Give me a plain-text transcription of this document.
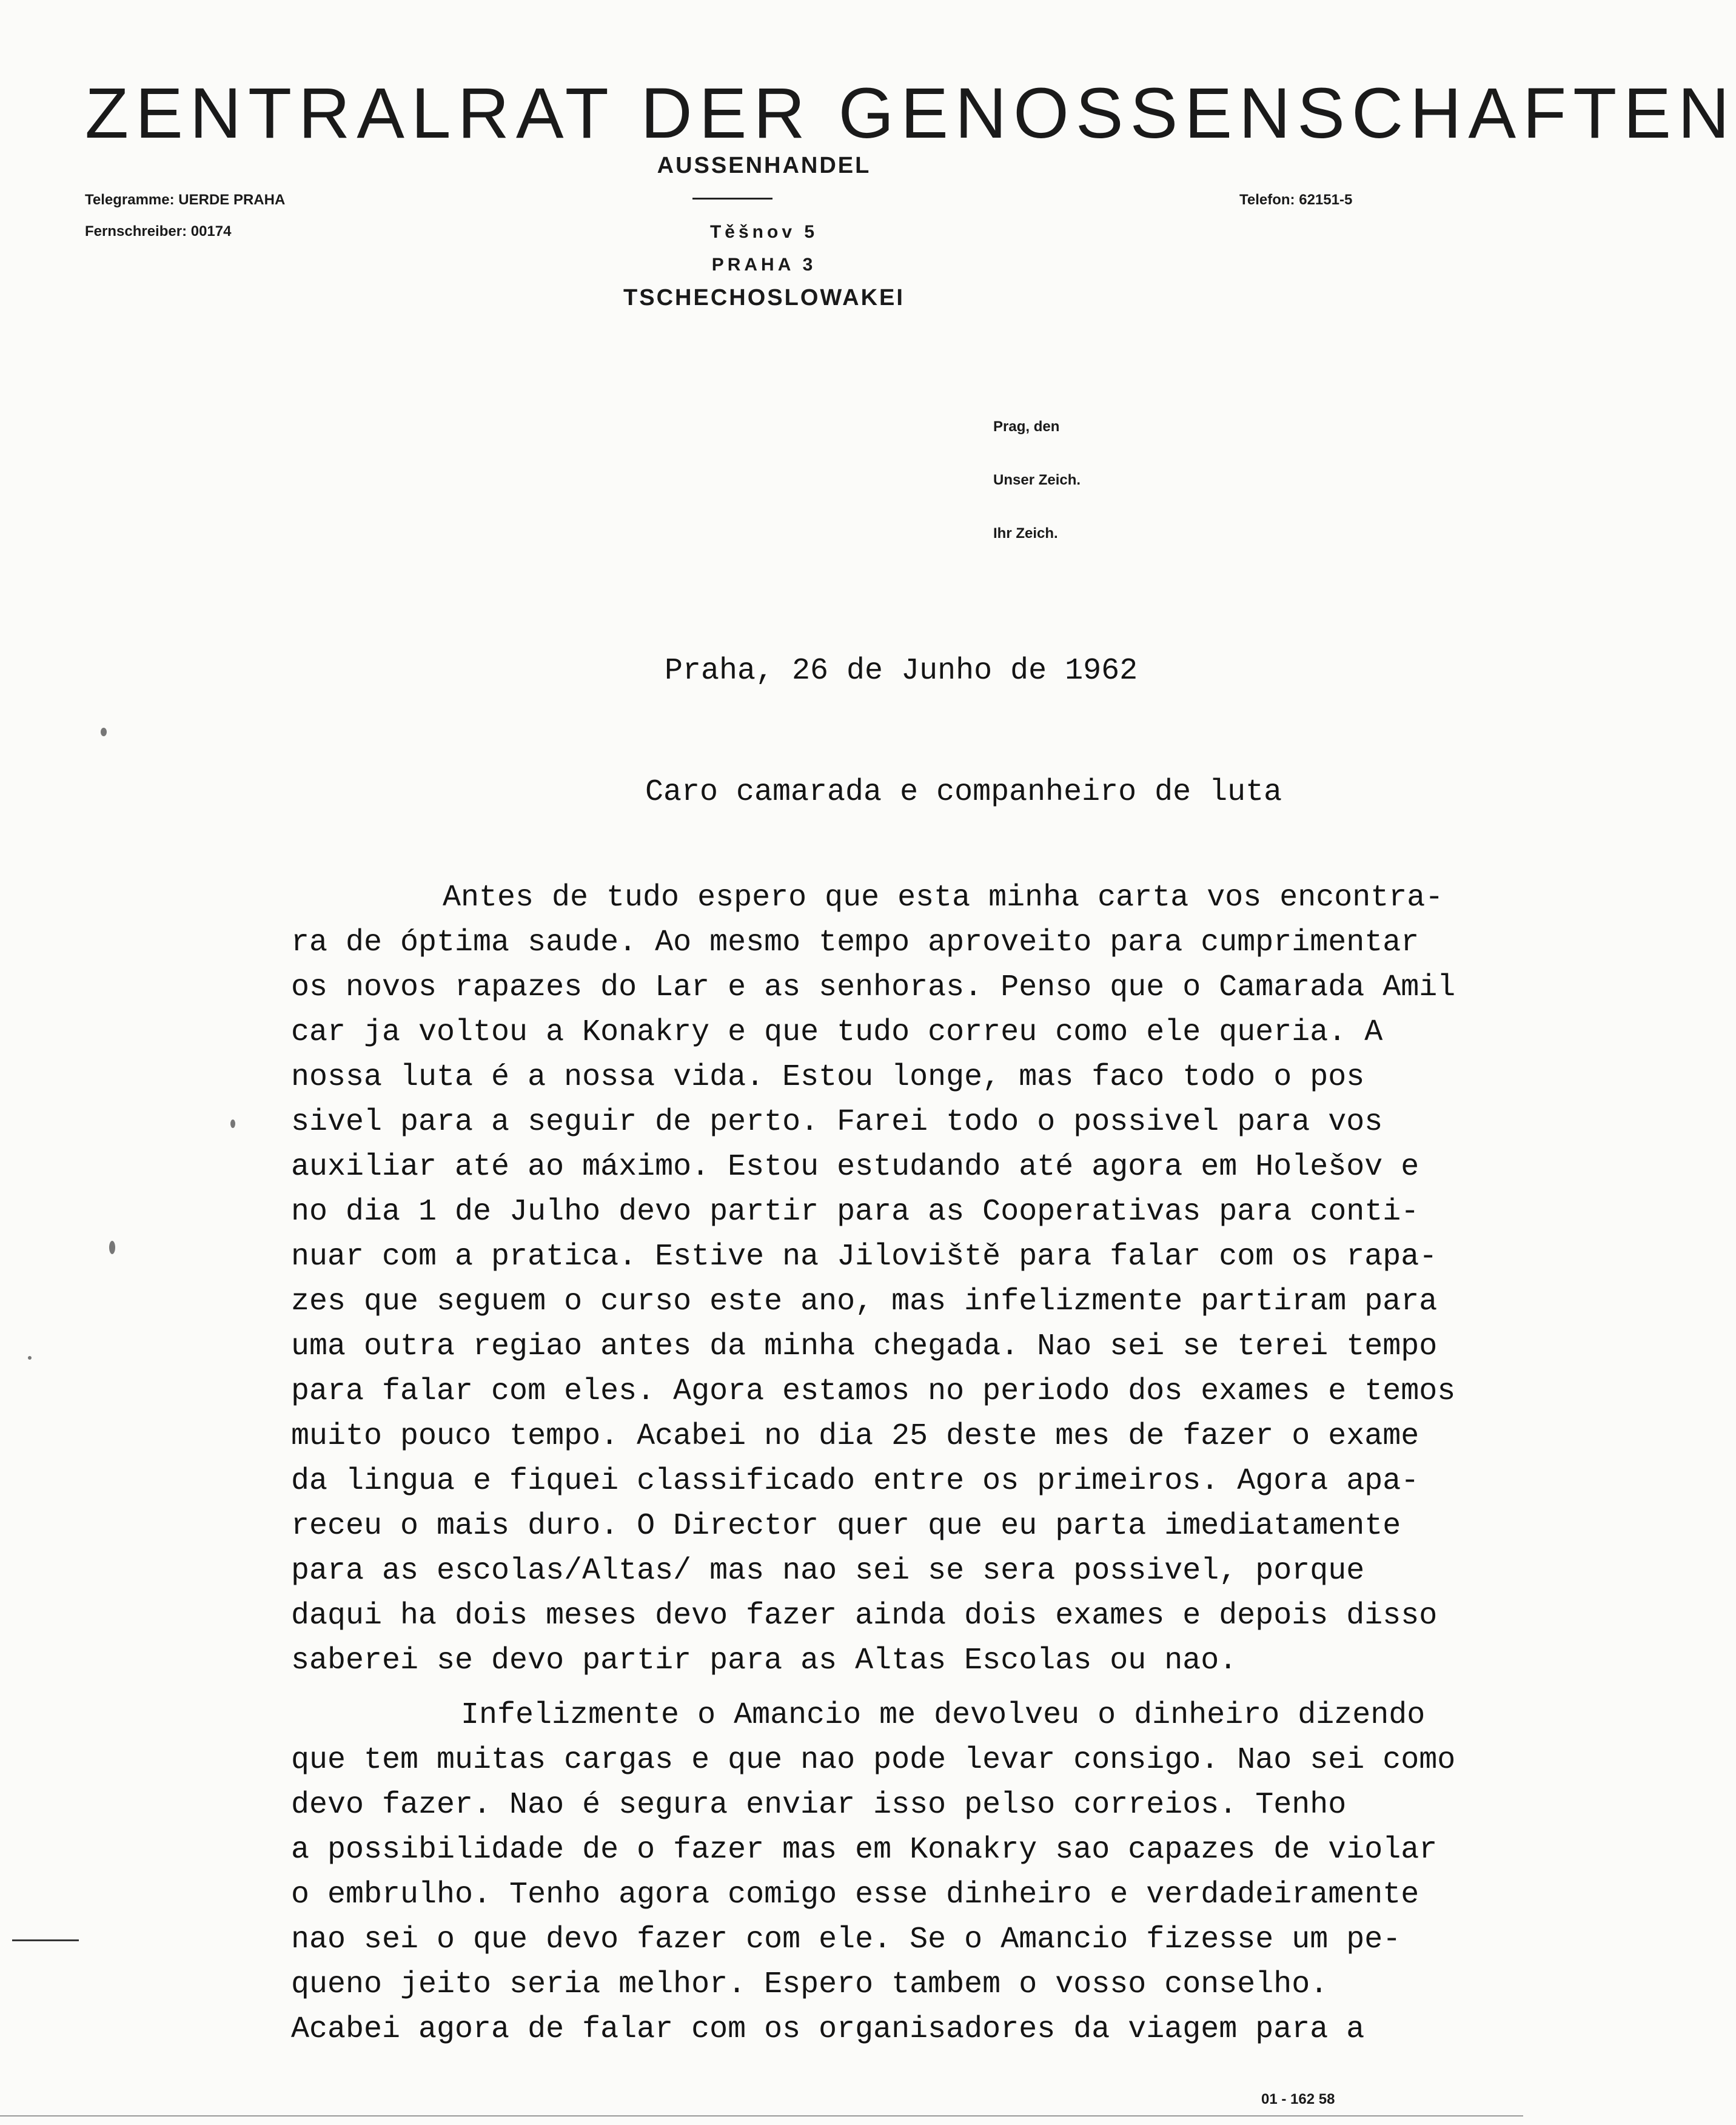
ZENTRALRAT DER GENOSSENSCHAFTEN
AUSSENHANDEL
Telegramme: UERDE PRAHA
Fernschreiber: 00174
Telefon: 62151-5
Těšnov 5
PRAHA 3
TSCHECHOSLOWAKEI
Prag, den
Unser Zeich.
Ihr Zeich.
Praha, 26 de Junho de 1962
Caro camarada e companheiro de luta
Antes de tudo espero que esta minha carta vos encontra-
ra de óptima saude. Ao mesmo tempo aproveito para cumprimentar
os novos rapazes do Lar e as senhoras. Penso que o Camarada Amil
car ja voltou a Konakry e que tudo correu como ele queria. A
nossa luta é a nossa vida. Estou longe, mas faco todo o pos
sivel para a seguir de perto. Farei todo o possivel para vos
auxiliar até ao máximo. Estou estudando até agora em Holešov e
no dia 1 de Julho devo partir para as Cooperativas para conti-
nuar com a pratica. Estive na Jiloviště para falar com os rapa-
zes que seguem o curso este ano, mas infelizmente partiram para
uma outra regiao antes da minha chegada. Nao sei se terei tempo
para falar com eles. Agora estamos no periodo dos exames e temos
muito pouco tempo. Acabei no dia 25 deste mes de fazer o exame
da lingua e fiquei classificado entre os primeiros. Agora apa-
receu o mais duro. O Director quer que eu parta imediatamente
para as escolas/Altas/ mas nao sei se sera possivel, porque
daqui ha dois meses devo fazer ainda dois exames e depois disso
saberei se devo partir para as Altas Escolas ou nao.
Infelizmente o Amancio me devolveu o dinheiro dizendo
que tem muitas cargas e que nao pode levar consigo. Nao sei como
devo fazer. Nao é segura enviar isso pelso correios. Tenho
a possibilidade de o fazer mas em Konakry sao capazes de violar
o embrulho. Tenho agora comigo esse dinheiro e verdadeiramente
nao sei o que devo fazer com ele. Se o Amancio fizesse um pe-
queno jeito seria melhor. Espero tambem o vosso conselho.
Acabei agora de falar com os organisadores da viagem para a
01 - 162 58
